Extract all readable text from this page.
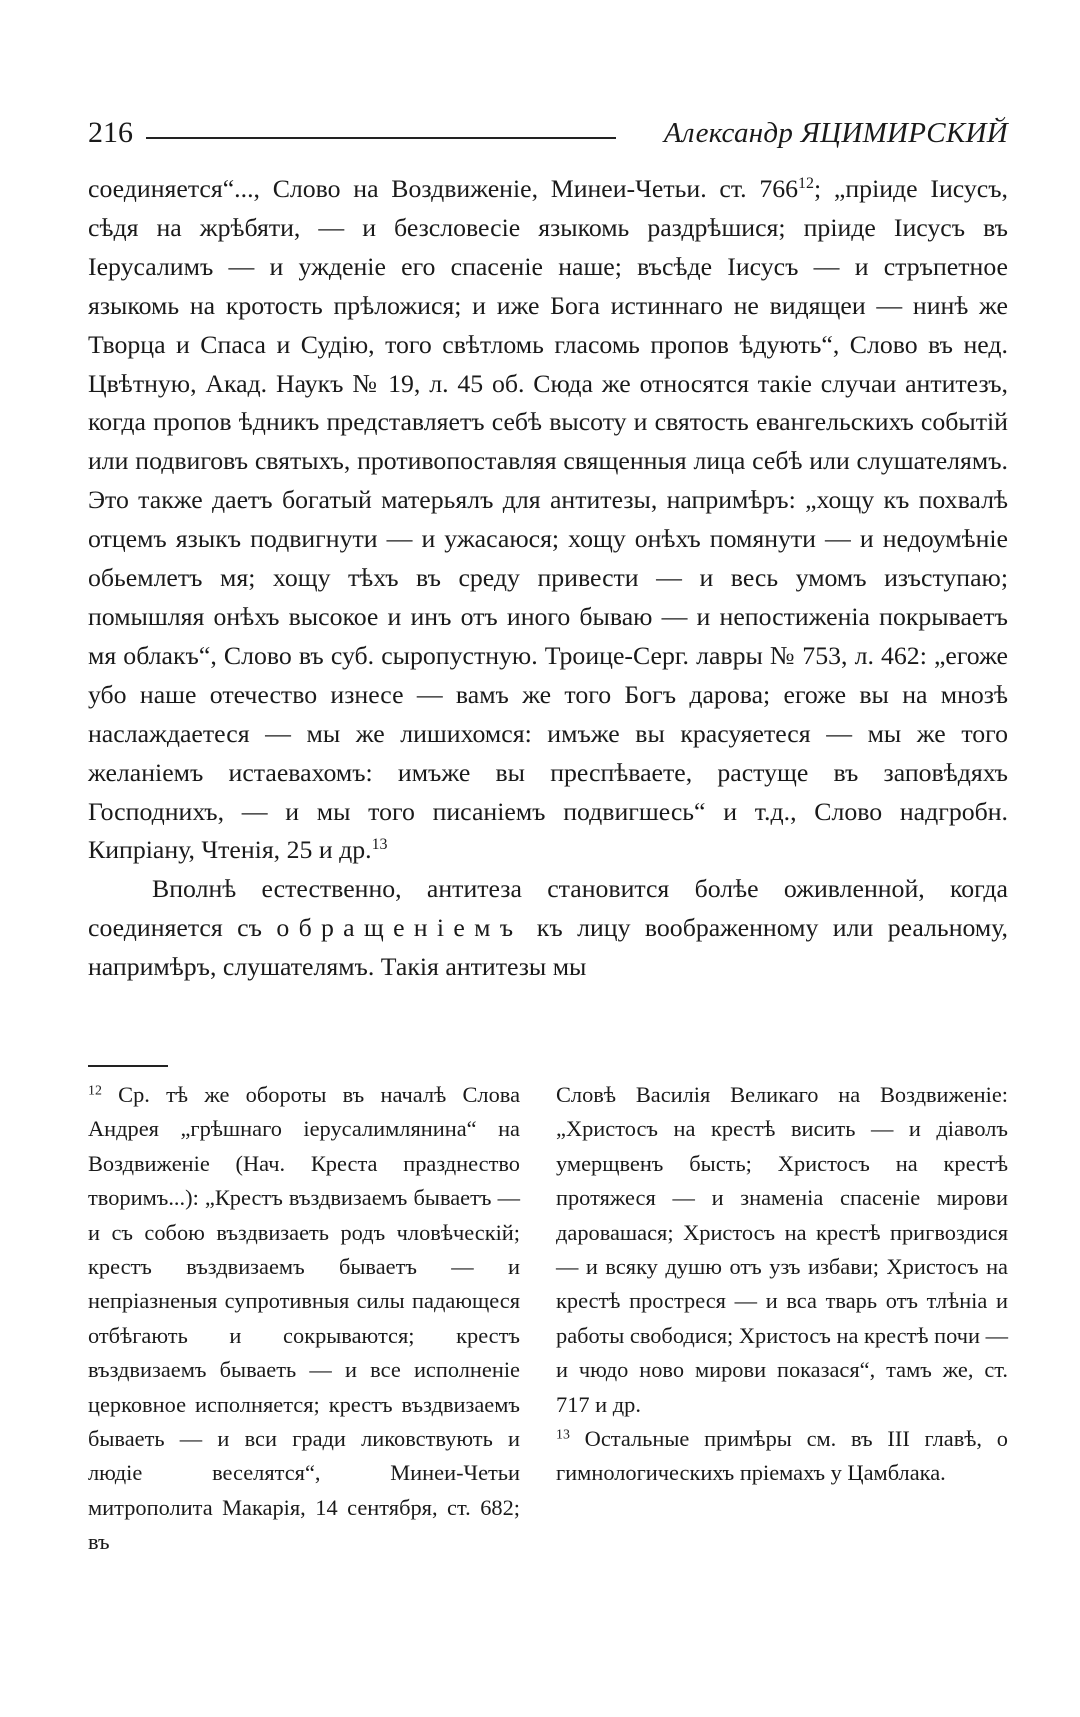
216	Александр ЯЦИМИРСКИЙ

соединяется“..., Слово на Воздвиженіе, Минеи-Четьи. ст. $766^{12}$; „пріиде Іисусъ, сѣдя на жрѣбяти, — и безсловесіе языкомь раздрѣшися; пріиде Іисусъ въ Іерусалимъ — и ужденіе его спасеніе наше; въсѣде Іисусъ — и стръпетное языкомь на кротость прѣложися; и иже Бога истиннаго не видящеи — нинѣ же Творца и Спаса и Судію, того свѣтломь гласомь пропов ѣдують“, Слово въ нед. Цвѣтную, Акад. Наукъ № 19, л. 45 об. Сюда же относятся такіе случаи антитезъ, когда пропов ѣдникъ представляетъ себѣ высоту и святость евангельскихъ событій или подвиговъ святыхъ, противопоставляя священныя лица себѣ или слушателямъ. Это также даетъ богатый матерьялъ для антитезы, напримѣръ: „хощу къ похвалѣ отцемъ языкъ подвигнути — и ужасаюся; хощу онѣхъ помянути — и недоумѣніе обьемлетъ мя; хощу тѣхъ въ среду привести — и весь умомъ изъступаю; помышляя онѣхъ высокое и инъ отъ иного бываю — и непостиженіа покрываетъ мя облакъ“, Слово въ суб. сыропустную. Троице-Серг. лавры № 753, л. 462: „егоже убо наше отечество изнесе — вамъ же того Богъ дарова; егоже вы на мнозѣ наслаждаетеся — мы же лишихомся: имъже вы красуяетеся — мы же того желаніемъ истаевахомъ: имъже вы преспѣваете, растуще въ заповѣдяхъ Господнихъ, — и мы того писаніемъ подвигшесь“ и т.д., Слово надгробн. Кипріану, Чтенія, 25 и др.$^{13}$

Вполнѣ естественно, антитеза становится болѣе оживленной, когда соединяется съ обращеніемъ къ лицу воображенному или реальному, напримѣръ, слушателямъ. Такія антитезы мы

$^{12}$ Ср. тѣ же обороты въ началѣ Слова Андрея „грѣшнаго іерусалимлянина“ на Воздвиженіе (Нач. Креста празднество творимъ...): „Крестъ въздвизаемъ бываетъ — и съ собою въздвизаеть родъ чловѣческій; крестъ въздвизаемъ бываетъ — и непріазненыя супротивныя силы падающеся отбѣгають и сокрываются; крестъ въздвизаемъ бываеть — и все исполненіе церковное исполняется; крестъ въздвизаемъ бываеть — и вси гради ликовствують и людіе веселятся“, Минеи-Четьи митрополита Макарія, 14 сентября, ст. 682; въ

Словѣ Василія Великаго на Воздвиженіе: „Христосъ на крестѣ висить — и діаволъ умерщвенъ бысть; Христосъ на крестѣ протяжеся — и знаменіа спасеніе мирови даровашася; Христосъ на крестѣ пригвоздися — и всяку душю отъ узъ избави; Христосъ на крестѣ простреся — и вса тварь отъ тлѣніа и работы свободися; Христосъ на крестѣ почи — и чюдо ново мирови показася“, тамъ же, ст. 717 и др.

$^{13}$ Остальные примѣры см. въ III главѣ, о гимнологическихъ пріемахъ у Цамблака.
